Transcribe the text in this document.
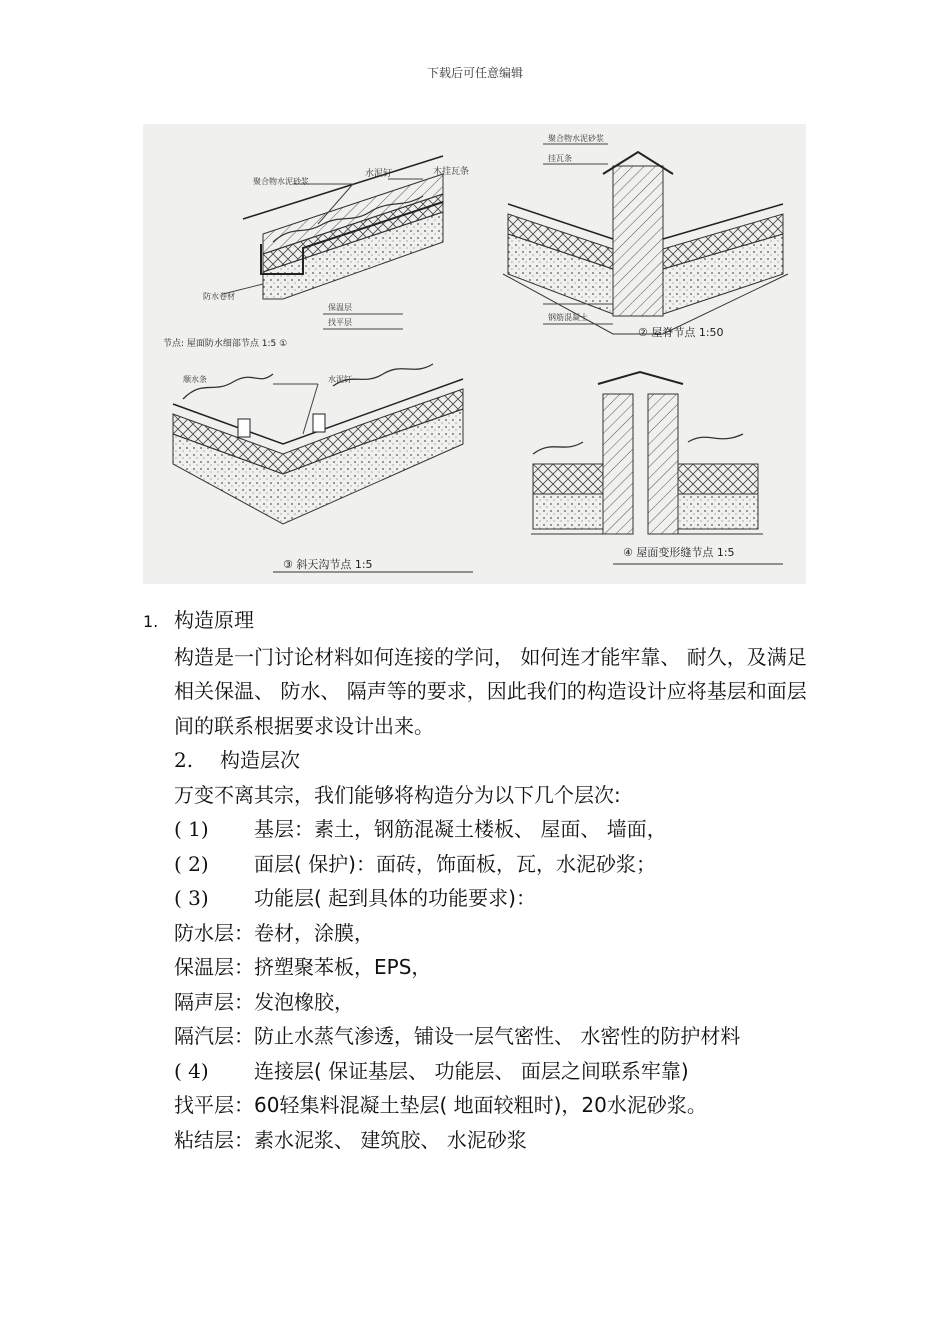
下载后可任意编辑
水泥钉	木挂瓦条
聚合物水泥砂浆
防水卷材
保温层
找平层
节点: 屋面防水细部节点 1:5 ①
聚合物水泥砂浆
挂瓦条
钢筋混凝土
② 屋脊节点 1:50
顺水条	水泥钉
③ 斜天沟节点 1:5
④ 屋面变形缝节点 1:5
1. 构造原理
构造是一门讨论材料如何连接的学问， 如何连才能牢靠、 耐久，及满足相关保温、 防水、 隔声等的要求，因此我们的构造设计应将基层和面层间的联系根据要求设计出来。
2. 构造层次
万变不离其宗，我们能够将构造分为以下几个层次:
( 1) 基层：素土，钢筋混凝土楼板、 屋面、 墙面，
( 2) 面层( 保护)：面砖，饰面板，瓦，水泥砂浆；
( 3) 功能层( 起到具体的功能要求)：
防水层：卷材，涂膜，
保温层：挤塑聚苯板，EPS，
隔声层：发泡橡胶，
隔汽层：防止水蒸气渗透，铺设一层气密性、 水密性的防护材料
( 4) 连接层( 保证基层、 功能层、 面层之间联系牢靠)
找平层：60轻集料混凝土垫层( 地面较粗时)，20水泥砂浆。
粘结层：素水泥浆、 建筑胶、 水泥砂浆
